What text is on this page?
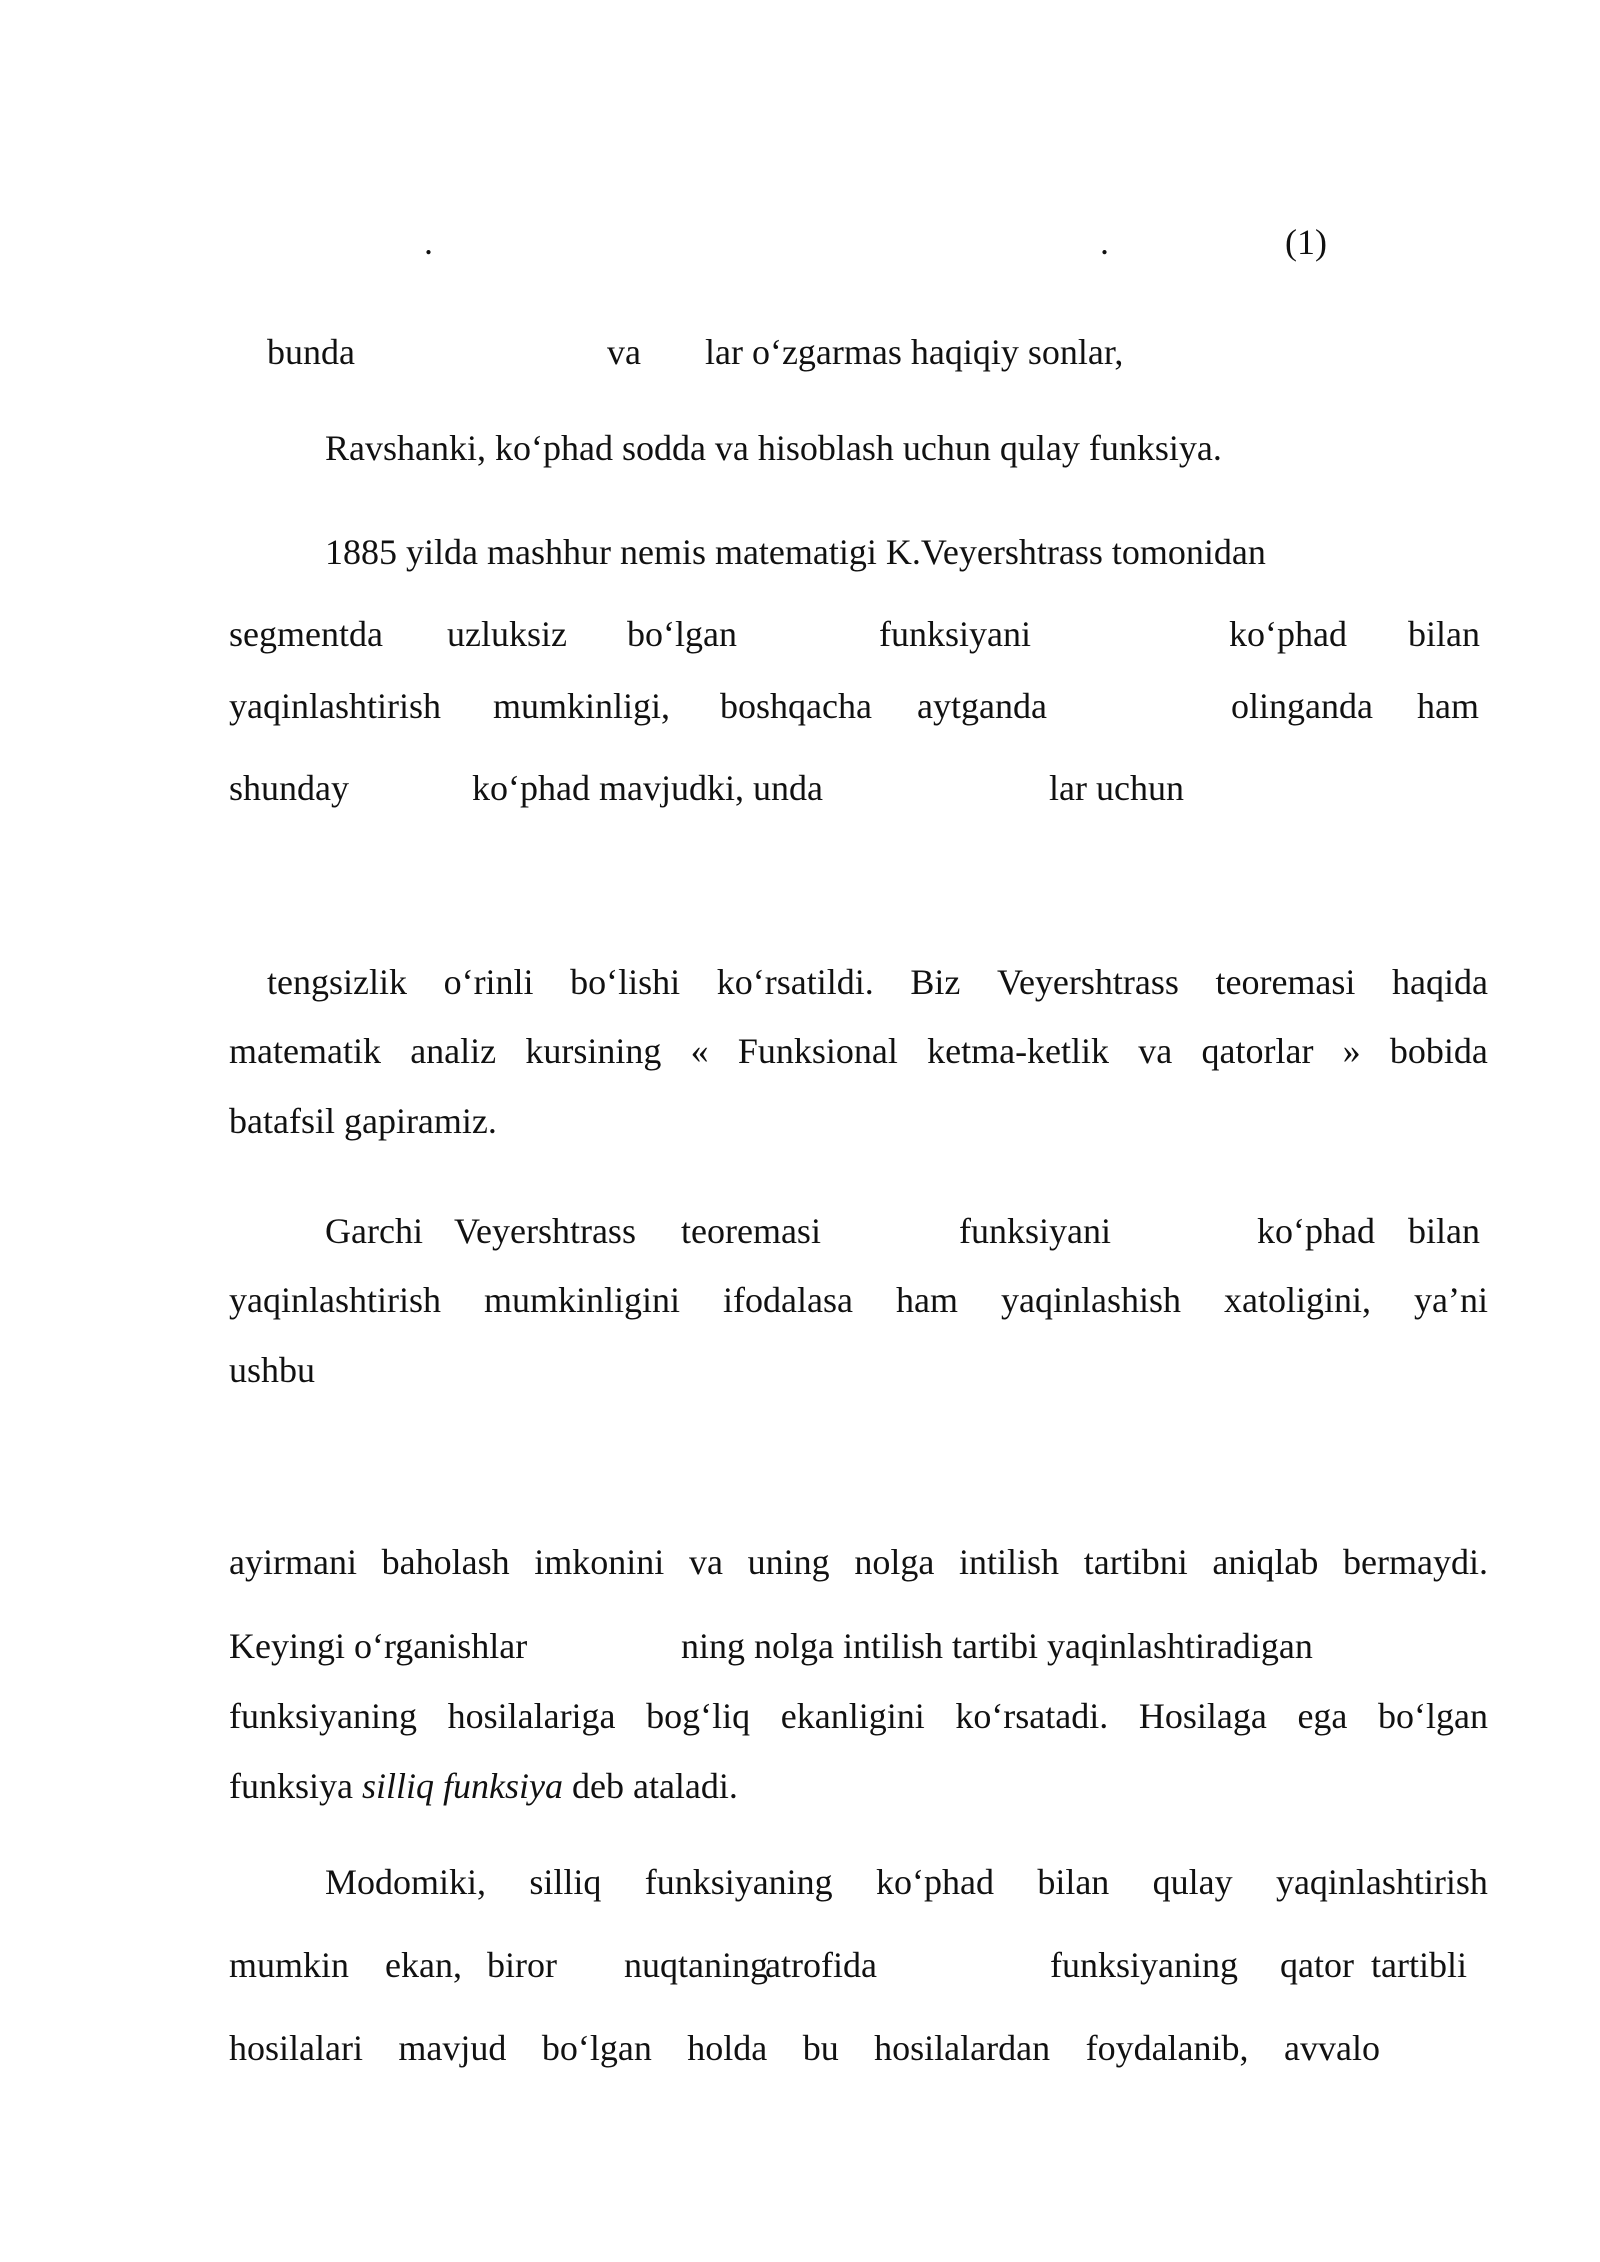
.	.	(1)
bunda	va lar o‘zgarmas haqiqiy sonlar,
Ravshanki, ko‘phad sodda va hisoblash uchun qulay funksiya.
1885 yilda mashhur nemis matematigi K.Veyershtrass tomonidan
segmentda uzluksiz bo‘lgan	funksiyani	ko‘phad bilan
yaqinlashtirish mumkinligi, boshqacha aytganda	olinganda ham
shunday	ko‘phad mavjudki, unda	lar uchun
tengsizlik o‘rinli bo‘lishi ko‘rsatildi. Biz Veyershtrass teoremasi haqida
matematik analiz kursining « Funksional ketma-ketlik va qatorlar » bobida
batafsil gapiramiz.
Garchi Veyershtrass teoremasi	funksiyani	ko‘phad bilan
yaqinlashtirish mumkinligini ifodalasa ham yaqinlashish xatoligini, ya’ni
ushbu
ayirmani baholash imkonini va uning nolga intilish tartibni aniqlab bermaydi.
Keyingi o‘rganishlar	ning nolga intilish tartibi yaqinlashtiradigan
funksiyaning hosilalariga bog‘liq ekanligini ko‘rsatadi. Hosilaga ega bo‘lgan
funksiya silliq funksiya deb ataladi.
Modomiki, silliq funksiyaning ko‘phad bilan qulay yaqinlashtirish
mumkin ekan, biror nuqtaning
atrofida	funksiyaning qator tartibli
hosilalari mavjud bo‘lgan holda bu hosilalardan foydalanib, avvalo
